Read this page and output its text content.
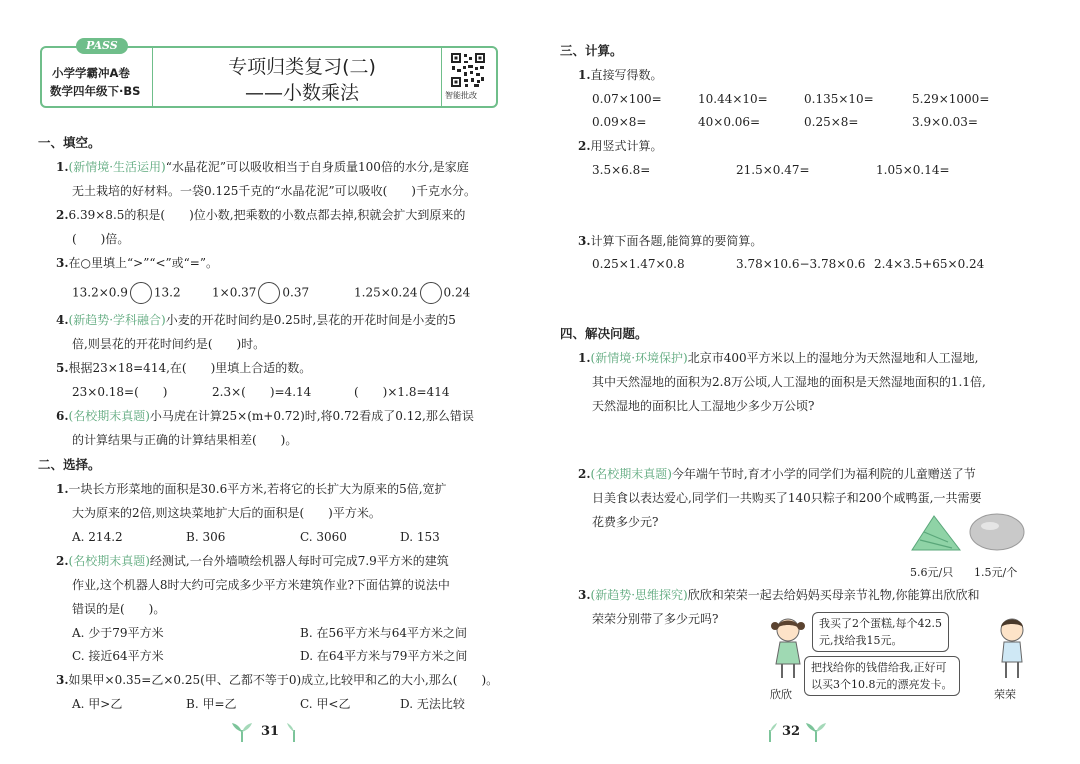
PASS
小学学霸冲A卷
数学四年级下·BS
专项归类复习(二)
——小数乘法	智能批改
一、填空。
1.(新情境·生活运用)“水晶花泥”可以吸收相当于自身质量100倍的水分,是家庭
无土栽培的好材料。一袋0.125千克的“水晶花泥”可以吸收(　　)千克水分。
2.6.39×8.5的积是(　　)位小数,把乘数的小数点都去掉,积就会扩大到原来的
(　　)倍。
3.在○里填上“>”“<”或“=”。
13.2×0.9 13.2	1×0.37 0.37	1.25×0.24 0.24
4.(新趋势·学科融合)小麦的开花时间约是0.25时,昙花的开花时间是小麦的5
倍,则昙花的开花时间约是(　　)时。
5.根据23×18=414,在(　　)里填上合适的数。
23×0.18=(　　)	2.3×(　　)=4.14	(　　)×1.8=414
6.(名校期末真题)小马虎在计算25×(m+0.72)时,将0.72看成了0.12,那么错误
的计算结果与正确的计算结果相差(　　)。
二、选择。
1.一块长方形菜地的面积是30.6平方米,若将它的长扩大为原来的5倍,宽扩
大为原来的2倍,则这块菜地扩大后的面积是(　　)平方米。
A. 214.2	B. 306	C. 3060	D. 153
2.(名校期末真题)经测试,一台外墙喷绘机器人每时可完成7.9平方米的建筑
作业,这个机器人8时大约可完成多少平方米建筑作业?下面估算的说法中
错误的是(　　)。
A. 少于79平方米	B. 在56平方米与64平方米之间
C. 接近64平方米	D. 在64平方米与79平方米之间
3.如果甲×0.35=乙×0.25(甲、乙都不等于0)成立,比较甲和乙的大小,那么(　　)。
A. 甲>乙	B. 甲=乙	C. 甲<乙	D. 无法比较
31
三、计算。
1.直接写得数。
0.07×100=	10.44×10=	0.135×10=	5.29×1000=
0.09×8=	40×0.06=	0.25×8=	3.9×0.03=
2.用竖式计算。
3.5×6.8=	21.5×0.47=	1.05×0.14=
3.计算下面各题,能简算的要简算。
0.25×1.47×0.8	3.78×10.6−3.78×0.6 2.4×3.5+65×0.24
四、解决问题。
1.(新情境·环境保护)北京市400平方米以上的湿地分为天然湿地和人工湿地,
其中天然湿地的面积为2.8万公顷,人工湿地的面积是天然湿地面积的1.1倍,
天然湿地的面积比人工湿地少多少万公顷?
2.(名校期末真题)今年端午节时,育才小学的同学们为福利院的儿童赠送了节
日美食以表达爱心,同学们一共购买了140只粽子和200个咸鸭蛋,一共需要
花费多少元?
5.6元/只 1.5元/个
3.(新趋势·思维探究)欣欣和荣荣一起去给妈妈买母亲节礼物,你能算出欣欣和
荣荣分别带了多少元吗?
欣欣
我买了2个蛋糕,每个42.5
元,找给我15元。
把找给你的钱借给我,正好可
以买3个10.8元的漂亮发卡。
荣荣
32
